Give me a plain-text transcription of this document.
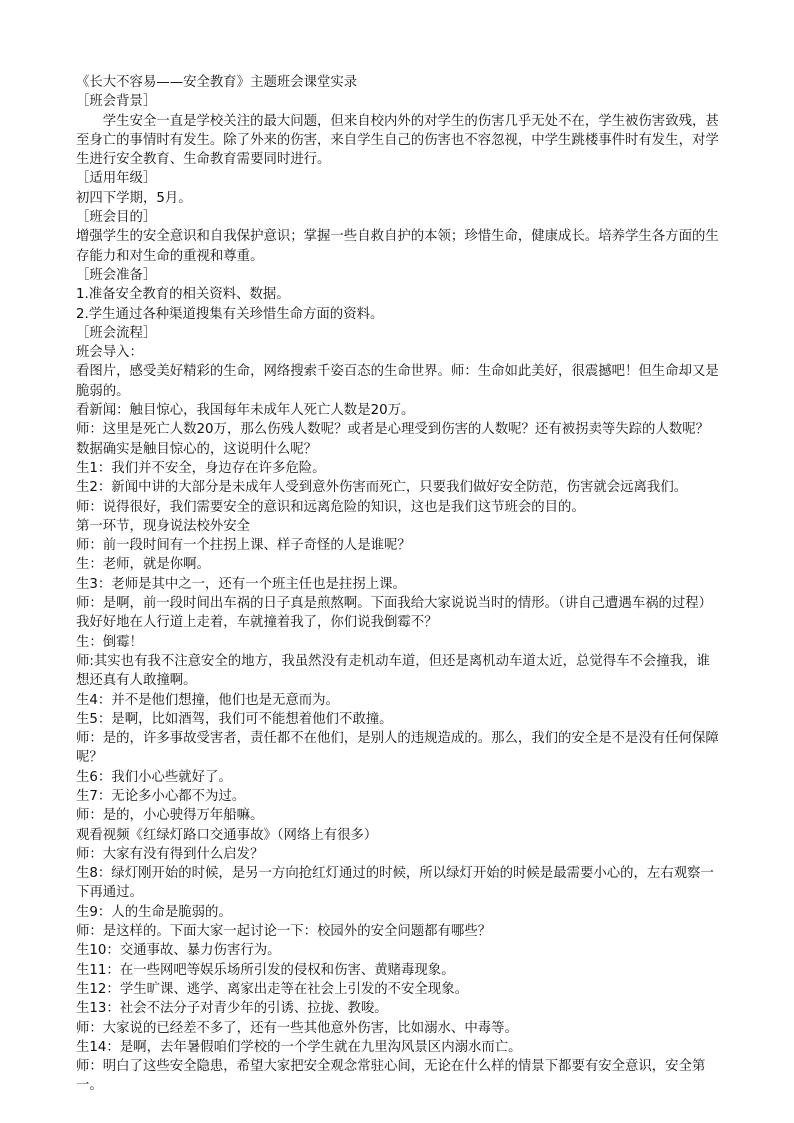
《长大不容易——安全教育》主题班会课堂实录

［班会背景］

学生安全一直是学校关注的最大问题，但来自校内外的对学生的伤害几乎无处不在，学生被伤害致残，甚至身亡的事情时有发生。除了外来的伤害，来自学生自己的伤害也不容忽视，中学生跳楼事件时有发生，对学生进行安全教育、生命教育需要同时进行。

［适用年级］

初四下学期，5月。

［班会目的］

增强学生的安全意识和自我保护意识；掌握一些自救自护的本领；珍惜生命，健康成长。培养学生各方面的生存能力和对生命的重视和尊重。

［班会准备］

1.准备安全教育的相关资料、数据。

2.学生通过各种渠道搜集有关珍惜生命方面的资料。

［班会流程］

班会导入：

看图片，感受美好精彩的生命，网络搜索千姿百态的生命世界。师：生命如此美好，很震撼吧！但生命却又是脆弱的。

看新闻：触目惊心，我国每年未成年人死亡人数是20万。

师：这里是死亡人数20万，那么伤残人数呢？或者是心理受到伤害的人数呢？还有被拐卖等失踪的人数呢？数据确实是触目惊心的，这说明什么呢？

生1：我们并不安全，身边存在许多危险。

生2：新闻中讲的大部分是未成年人受到意外伤害而死亡，只要我们做好安全防范，伤害就会远离我们。

师：说得很好，我们需要安全的意识和远离危险的知识，这也是我们这节班会的目的。

第一环节，现身说法校外安全

师：前一段时间有一个拄拐上课、样子奇怪的人是谁呢？

生：老师，就是你啊。

生3：老师是其中之一，还有一个班主任也是拄拐上课。

师：是啊，前一段时间出车祸的日子真是煎熬啊。下面我给大家说说当时的情形。（讲自己遭遇车祸的过程）我好好地在人行道上走着，车就撞着我了，你们说我倒霉不？

生：倒霉！

师:其实也有我不注意安全的地方，我虽然没有走机动车道，但还是离机动车道太近，总觉得车不会撞我，谁想还真有人敢撞啊。

生4：并不是他们想撞，他们也是无意而为。

生5：是啊，比如酒驾，我们可不能想着他们不敢撞。

师：是的，许多事故受害者，责任都不在他们，是别人的违规造成的。那么，我们的安全是不是没有任何保障呢？

生6：我们小心些就好了。

生7：无论多小心都不为过。

师：是的，小心驶得万年船嘛。

观看视频《红绿灯路口交通事故》（网络上有很多）

师：大家有没有得到什么启发？

生8：绿灯刚开始的时候，是另一方向抢红灯通过的时候，所以绿灯开始的时候是最需要小心的，左右观察一下再通过。

生9：人的生命是脆弱的。

师：是这样的。下面大家一起讨论一下：校园外的安全问题都有哪些？

生10：交通事故、暴力伤害行为。

生11：在一些网吧等娱乐场所引发的侵权和伤害、黄赌毒现象。

生12：学生旷课、逃学、离家出走等在社会上引发的不安全现象。

生13：社会不法分子对青少年的引诱、拉拢、教唆。

师：大家说的已经差不多了，还有一些其他意外伤害，比如溺水、中毒等。

生14：是啊，去年暑假咱们学校的一个学生就在九里沟风景区内溺水而亡。

师：明白了这些安全隐患，希望大家把安全观念常驻心间，无论在什么样的情景下都要有安全意识，安全第一。
